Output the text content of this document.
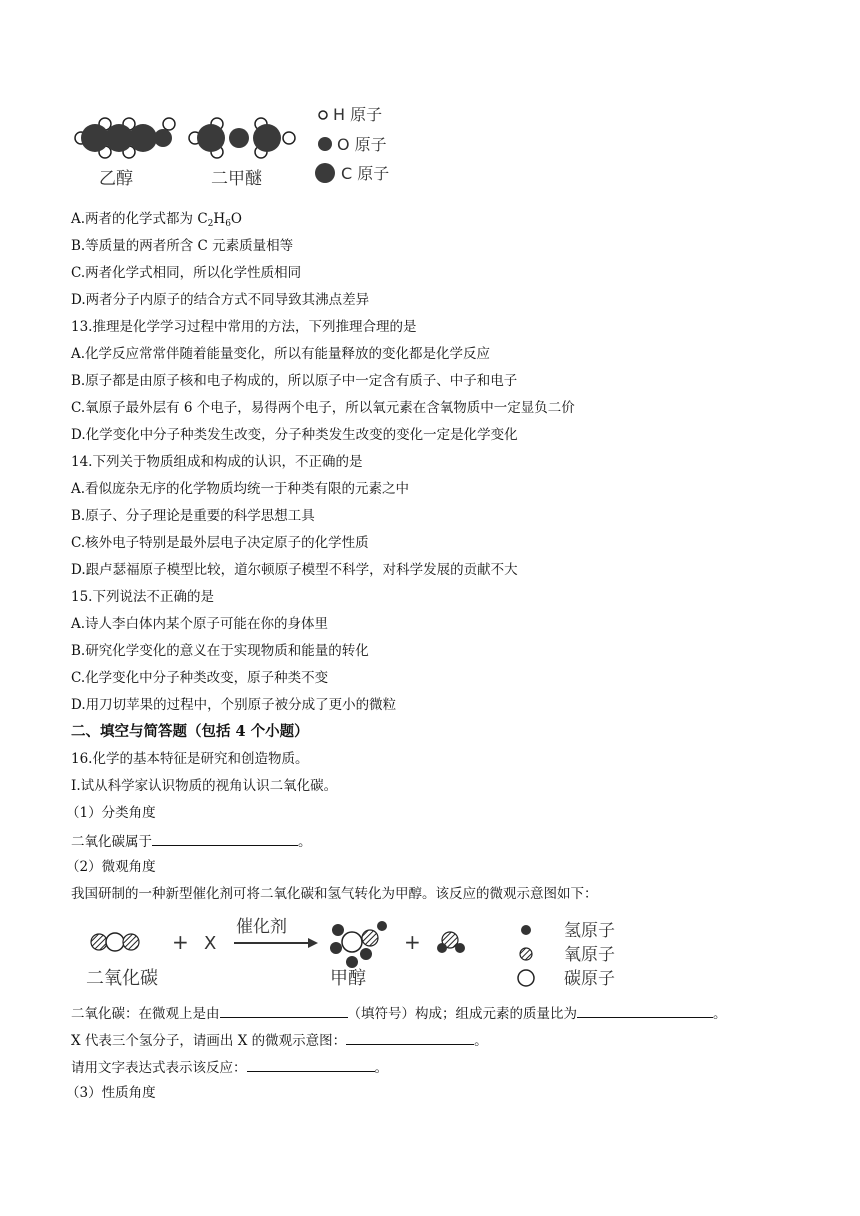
乙醇	二甲醚
H 原子
O 原子
C 原子
A.两者的化学式都为 $C_2H_6O$
B.等质量的两者所含 C 元素质量相等
C.两者化学式相同，所以化学性质相同
D.两者分子内原子的结合方式不同导致其沸点差异
13.推理是化学学习过程中常用的方法，下列推理合理的是
A.化学反应常常伴随着能量变化，所以有能量释放的变化都是化学反应
B.原子都是由原子核和电子构成的，所以原子中一定含有质子、中子和电子
C.氧原子最外层有 6 个电子，易得两个电子，所以氧元素在含氧物质中一定显负二价
D.化学变化中分子种类发生改变，分子种类发生改变的变化一定是化学变化
14.下列关于物质组成和构成的认识，不正确的是
A.看似庞杂无序的化学物质均统一于种类有限的元素之中
B.原子、分子理论是重要的科学思想工具
C.核外电子特别是最外层电子决定原子的化学性质
D.跟卢瑟福原子模型比较，道尔顿原子模型不科学，对科学发展的贡献不大
15.下列说法不正确的是
A.诗人李白体内某个原子可能在你的身体里
B.研究化学变化的意义在于实现物质和能量的转化
C.化学变化中分子种类改变，原子种类不变
D.用刀切苹果的过程中，个别原子被分成了更小的微粒
二、填空与简答题（包括 4 个小题）
16.化学的基本特征是研究和创造物质。
I.试从科学家认识物质的视角认识二氧化碳。
（1）分类角度
二氧化碳属于	。
（2）微观角度
我国研制的一种新型催化剂可将二氧化碳和氢气转化为甲醇。该反应的微观示意图如下：
二氧化碳
+ X
催化剂
甲醇
+	氢原子
氧原子
碳原子
二氧化碳：在微观上是由	（填符号）构成；组成元素的质量比为	。
X 代表三个氢分子，请画出 X 的微观示意图：	。
请用文字表达式表示该反应：	。
（3）性质角度
